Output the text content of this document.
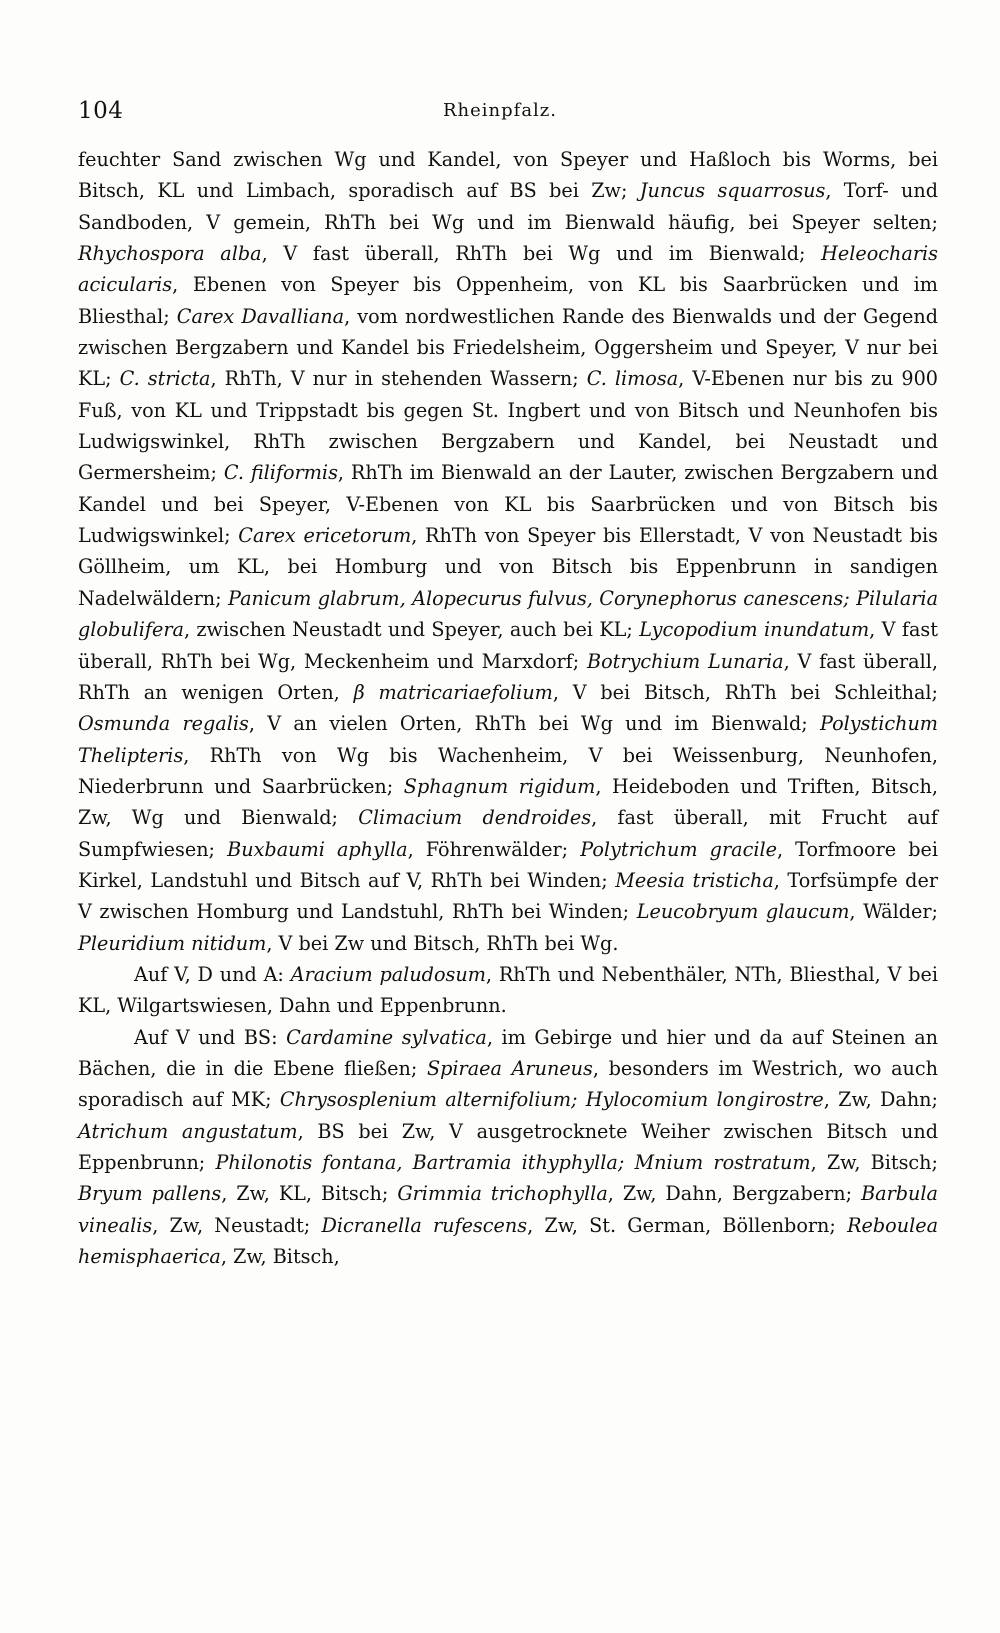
104	Rheinpfalz.

feuchter Sand zwischen Wg und Kandel, von Speyer und Haßloch bis Worms, bei Bitsch, KL und Limbach, sporadisch auf BS bei Zw; Juncus squarrosus, Torf- und Sandboden, V gemein, RhTh bei Wg und im Bienwald häufig, bei Speyer selten; Rhychospora alba, V fast überall, RhTh bei Wg und im Bienwald; Heleocharis acicularis, Ebenen von Speyer bis Oppenheim, von KL bis Saarbrücken und im Bliesthal; Carex Davalliana, vom nordwestlichen Rande des Bienwalds und der Gegend zwischen Bergzabern und Kandel bis Friedelsheim, Oggersheim und Speyer, V nur bei KL; C. stricta, RhTh, V nur in stehenden Wassern; C. limosa, V-Ebenen nur bis zu 900 Fuß, von KL und Trippstadt bis gegen St. Ingbert und von Bitsch und Neunhofen bis Ludwigswinkel, RhTh zwischen Bergzabern und Kandel, bei Neustadt und Germersheim; C. filiformis, RhTh im Bienwald an der Lauter, zwischen Bergzabern und Kandel und bei Speyer, V-Ebenen von KL bis Saarbrücken und von Bitsch bis Ludwigswinkel; Carex ericetorum, RhTh von Speyer bis Ellerstadt, V von Neustadt bis Göllheim, um KL, bei Homburg und von Bitsch bis Eppenbrunn in sandigen Nadelwäldern; Panicum glabrum, Alopecurus fulvus, Corynephorus canescens; Pilularia globulifera, zwischen Neustadt und Speyer, auch bei KL; Lycopodium inundatum, V fast überall, RhTh bei Wg, Meckenheim und Marxdorf; Botrychium Lunaria, V fast überall, RhTh an wenigen Orten, β matricariaefolium, V bei Bitsch, RhTh bei Schleithal; Osmunda regalis, V an vielen Orten, RhTh bei Wg und im Bienwald; Polystichum Thelipteris, RhTh von Wg bis Wachenheim, V bei Weissenburg, Neunhofen, Niederbrunn und Saarbrücken; Sphagnum rigidum, Heideboden und Triften, Bitsch, Zw, Wg und Bienwald; Climacium dendroides, fast überall, mit Frucht auf Sumpfwiesen; Buxbaumi aphylla, Föhrenwälder; Polytrichum gracile, Torfmoore bei Kirkel, Landstuhl und Bitsch auf V, RhTh bei Winden; Meesia tristicha, Torfsümpfe der V zwischen Homburg und Landstuhl, RhTh bei Winden; Leucobryum glaucum, Wälder; Pleuridium nitidum, V bei Zw und Bitsch, RhTh bei Wg.

Auf V, D und A: Aracium paludosum, RhTh und Nebenthäler, NTh, Bliesthal, V bei KL, Wilgartswiesen, Dahn und Eppenbrunn.

Auf V und BS: Cardamine sylvatica, im Gebirge und hier und da auf Steinen an Bächen, die in die Ebene fließen; Spiraea Aruneus, besonders im Westrich, wo auch sporadisch auf MK; Chrysosplenium alternifolium; Hylocomium longirostre, Zw, Dahn; Atrichum angustatum, BS bei Zw, V ausgetrocknete Weiher zwischen Bitsch und Eppenbrunn; Philonotis fontana, Bartramia ithyphylla; Mnium rostratum, Zw, Bitsch; Bryum pallens, Zw, KL, Bitsch; Grimmia trichophylla, Zw, Dahn, Bergzabern; Barbula vinealis, Zw, Neustadt; Dicranella rufescens, Zw, St. German, Böllenborn; Reboulea hemisphaerica, Zw, Bitsch,
